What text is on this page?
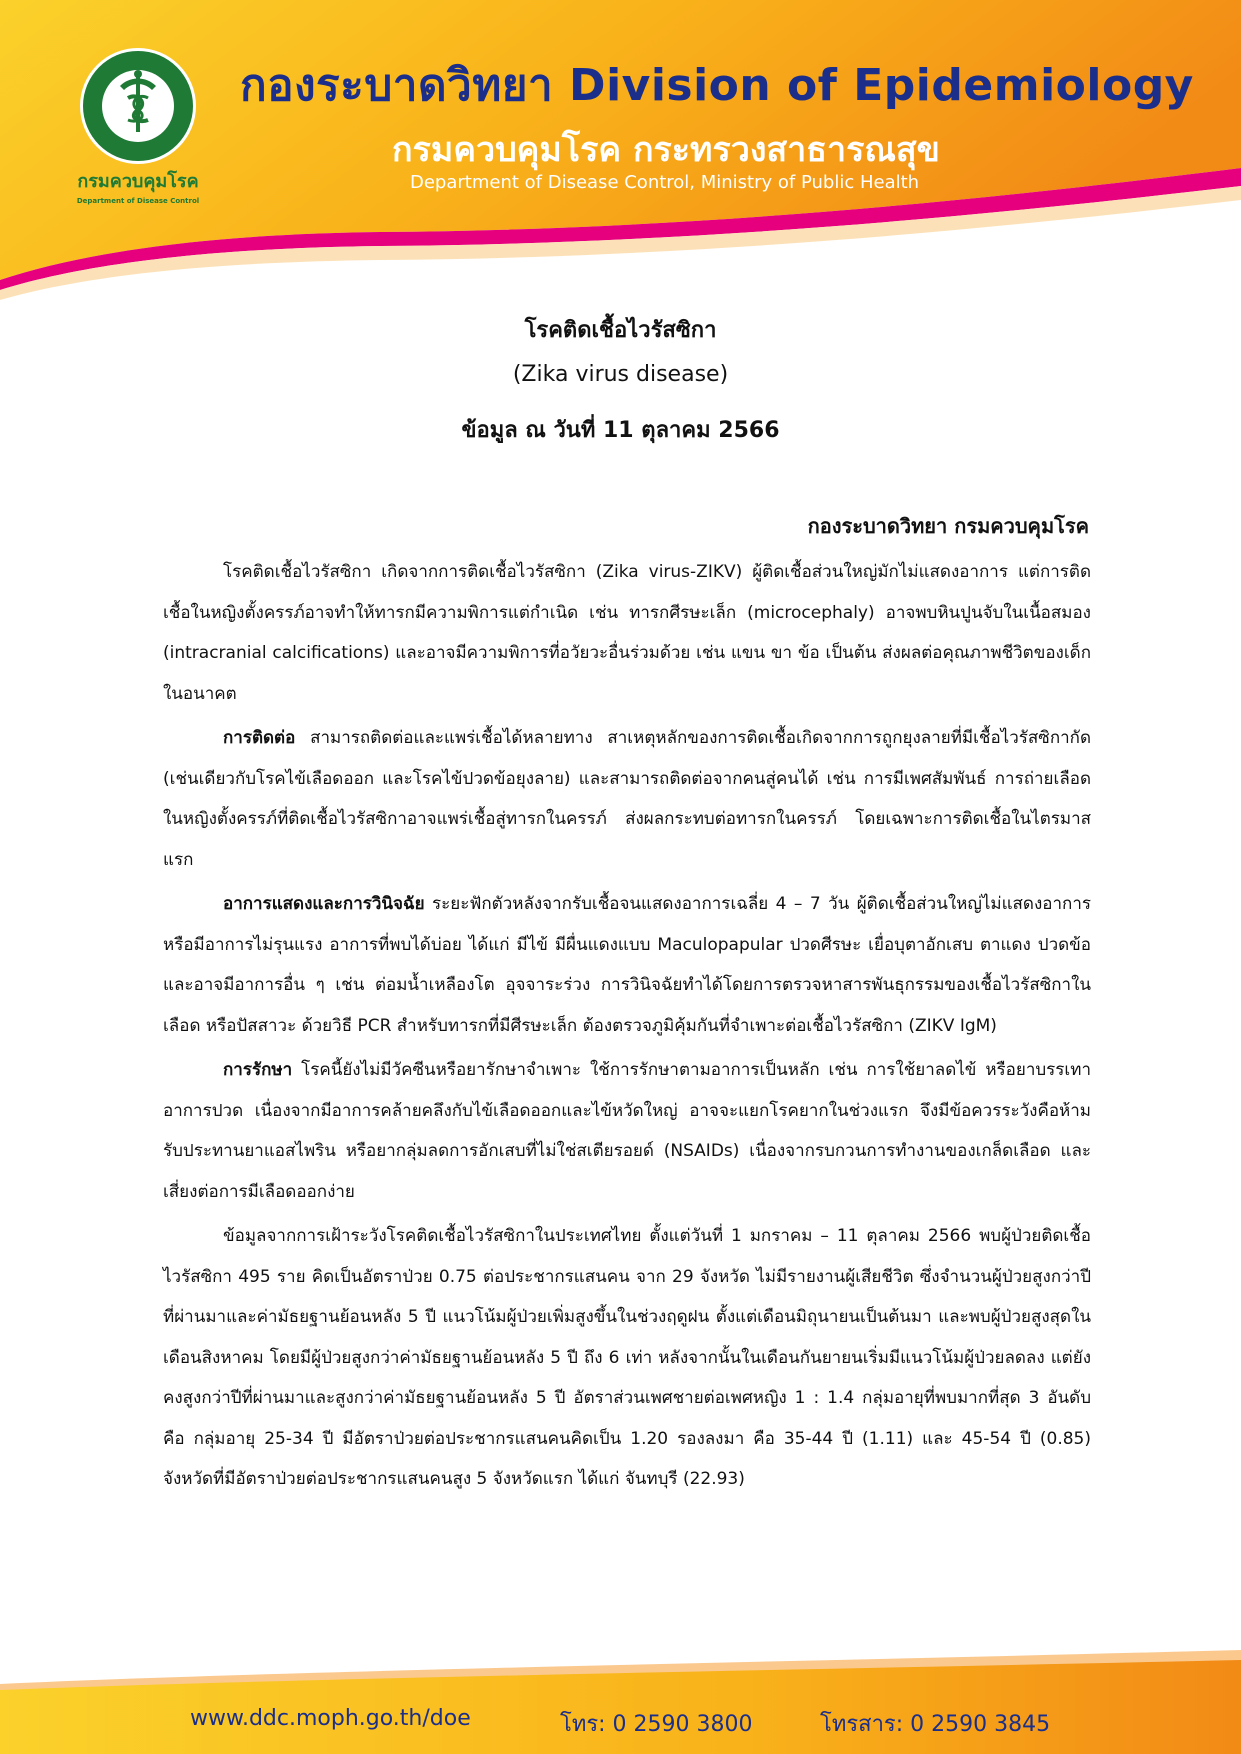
กรมควบคุมโรค
Department of Disease Control
กองระบาดวิทยา Division of Epidemiology
กรมควบคุมโรค กระทรวงสาธารณสุข
Department of Disease Control, Ministry of Public Health
โรคติดเชื้อไวรัสซิกา
(Zika virus disease)
ข้อมูล ณ วันที่ 11 ตุลาคม 2566
กองระบาดวิทยา กรมควบคุมโรค

โรคติดเชื้อไวรัสซิกา เกิดจากการติดเชื้อไวรัสซิกา (Zika virus-ZIKV) ผู้ติดเชื้อส่วนใหญ่มักไม่แสดงอาการ แต่การติดเชื้อในหญิงตั้งครรภ์อาจทำให้ทารกมีความพิการแต่กำเนิด เช่น ทารกศีรษะเล็ก (microcephaly) อาจพบหินปูนจับในเนื้อสมอง (intracranial calcifications) และอาจมีความพิการที่อวัยวะอื่นร่วมด้วย เช่น แขน ขา ข้อ เป็นต้น ส่งผลต่อคุณภาพชีวิตของเด็กในอนาคต

การติดต่อ สามารถติดต่อและแพร่เชื้อได้หลายทาง สาเหตุหลักของการติดเชื้อเกิดจากการถูกยุงลายที่มีเชื้อไวรัสซิกากัด (เช่นเดียวกับโรคไข้เลือดออก และโรคไข้ปวดข้อยุงลาย) และสามารถติดต่อจากคนสู่คนได้ เช่น การมีเพศสัมพันธ์ การถ่ายเลือด ในหญิงตั้งครรภ์ที่ติดเชื้อไวรัสซิกาอาจแพร่เชื้อสู่ทารกในครรภ์ ส่งผลกระทบต่อทารกในครรภ์ โดยเฉพาะการติดเชื้อในไตรมาสแรก

อาการแสดงและการวินิจฉัย ระยะฟักตัวหลังจากรับเชื้อจนแสดงอาการเฉลี่ย 4 – 7 วัน ผู้ติดเชื้อส่วนใหญ่ไม่แสดงอาการ หรือมีอาการไม่รุนแรง อาการที่พบได้บ่อย ได้แก่ มีไข้ มีผื่นแดงแบบ Maculopapular ปวดศีรษะ เยื่อบุตาอักเสบ ตาแดง ปวดข้อ และอาจมีอาการอื่น ๆ เช่น ต่อมน้ำเหลืองโต อุจจาระร่วง การวินิจฉัยทำได้โดยการตรวจหาสารพันธุกรรมของเชื้อไวรัสซิกาในเลือด หรือปัสสาวะ ด้วยวิธี PCR สำหรับทารกที่มีศีรษะเล็ก ต้องตรวจภูมิคุ้มกันที่จำเพาะต่อเชื้อไวรัสซิกา (ZIKV IgM)

การรักษา โรคนี้ยังไม่มีวัคซีนหรือยารักษาจำเพาะ ใช้การรักษาตามอาการเป็นหลัก เช่น การใช้ยาลดไข้ หรือยาบรรเทาอาการปวด เนื่องจากมีอาการคล้ายคลึงกับไข้เลือดออกและไข้หวัดใหญ่ อาจจะแยกโรคยากในช่วงแรก จึงมีข้อควรระวังคือห้ามรับประทานยาแอสไพริน หรือยากลุ่มลดการอักเสบที่ไม่ใช่สเตียรอยด์ (NSAIDs) เนื่องจากรบกวนการทำงานของเกล็ดเลือด และเสี่ยงต่อการมีเลือดออกง่าย

ข้อมูลจากการเฝ้าระวังโรคติดเชื้อไวรัสซิกาในประเทศไทย ตั้งแต่วันที่ 1 มกราคม – 11 ตุลาคม 2566 พบผู้ป่วยติดเชื้อไวรัสซิกา 495 ราย คิดเป็นอัตราป่วย 0.75 ต่อประชากรแสนคน จาก 29 จังหวัด ไม่มีรายงานผู้เสียชีวิต ซึ่งจำนวนผู้ป่วยสูงกว่าปีที่ผ่านมาและค่ามัธยฐานย้อนหลัง 5 ปี แนวโน้มผู้ป่วยเพิ่มสูงขึ้นในช่วงฤดูฝน ตั้งแต่เดือนมิถุนายนเป็นต้นมา และพบผู้ป่วยสูงสุดในเดือนสิงหาคม โดยมีผู้ป่วยสูงกว่าค่ามัธยฐานย้อนหลัง 5 ปี ถึง 6 เท่า หลังจากนั้นในเดือนกันยายนเริ่มมีแนวโน้มผู้ป่วยลดลง แต่ยังคงสูงกว่าปีที่ผ่านมาและสูงกว่าค่ามัธยฐานย้อนหลัง 5 ปี อัตราส่วนเพศชายต่อเพศหญิง 1 : 1.4 กลุ่มอายุที่พบมากที่สุด 3 อันดับ คือ กลุ่มอายุ 25-34 ปี มีอัตราป่วยต่อประชากรแสนคนคิดเป็น 1.20 รองลงมา คือ 35-44 ปี (1.11) และ 45-54 ปี (0.85) จังหวัดที่มีอัตราป่วยต่อประชากรแสนคนสูง 5 จังหวัดแรก ได้แก่ จันทบุรี (22.93)

www.ddc.moph.go.th/doe	โทร: 0 2590 3800	โทรสาร: 0 2590 3845
